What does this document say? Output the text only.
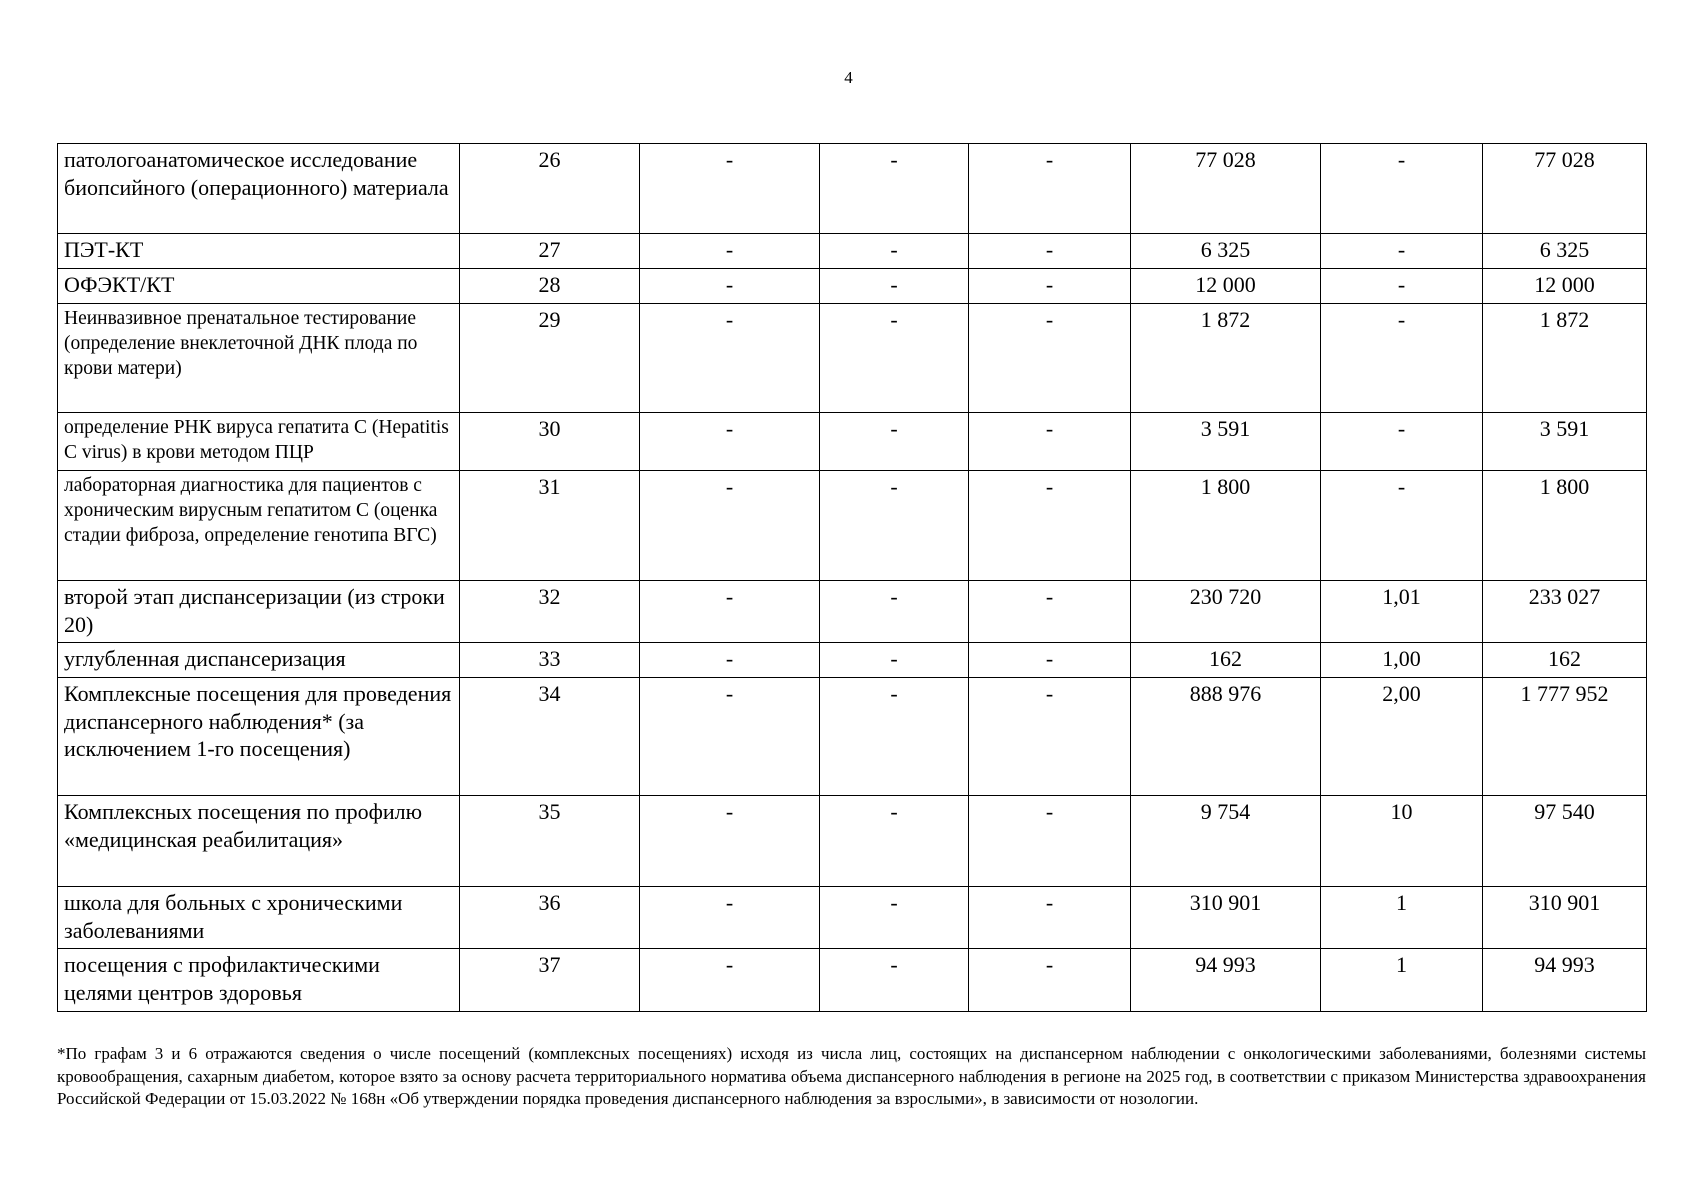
4
патологоанатомическое исследование биопсийного (операционного) материала	26	-	-	-	77 028	-	77 028
ПЭТ-КТ	27	-	-	-	6 325	-	6 325
ОФЭКТ/КТ	28	-	-	-	12 000	-	12 000
Неинвазивное пренатальное тестирование (определение внеклеточной ДНК плода по крови матери)	29	-	-	-	1 872	-	1 872
определение РНК вируса гепатита С (Hepatitis C virus) в крови методом ПЦР	30	-	-	-	3 591	-	3 591
лабораторная диагностика для пациентов с хроническим вирусным гепатитом С (оценка стадии фиброза, определение генотипа ВГС)	31	-	-	-	1 800	-	1 800
второй этап диспансеризации (из строки 20)	32	-	-	-	230 720	1,01	233 027
углубленная диспансеризация	33	-	-	-	162	1,00	162
Комплексные посещения для проведения диспансерного наблюдения* (за исключением 1-го посещения)	34	-	-	-	888 976	2,00	1 777 952
Комплексных посещения по профилю «медицинская реабилитация»	35	-	-	-	9 754	10	97 540
школа для больных с хроническими заболеваниями	36	-	-	-	310 901	1	310 901
посещения с профилактическими целями центров здоровья	37	-	-	-	94 993	1	94 993
*По графам 3 и 6 отражаются сведения о числе посещений (комплексных посещениях) исходя из числа лиц, состоящих на диспансерном наблюдении с онкологическими заболеваниями, болезнями системы кровообращения, сахарным диабетом, которое взято за основу расчета территориального норматива объема диспансерного наблюдения в регионе на 2025 год, в соответствии с приказом Министерства здравоохранения Российской Федерации от 15.03.2022 № 168н «Об утверждении порядка проведения диспансерного наблюдения за взрослыми», в зависимости от нозологии.
